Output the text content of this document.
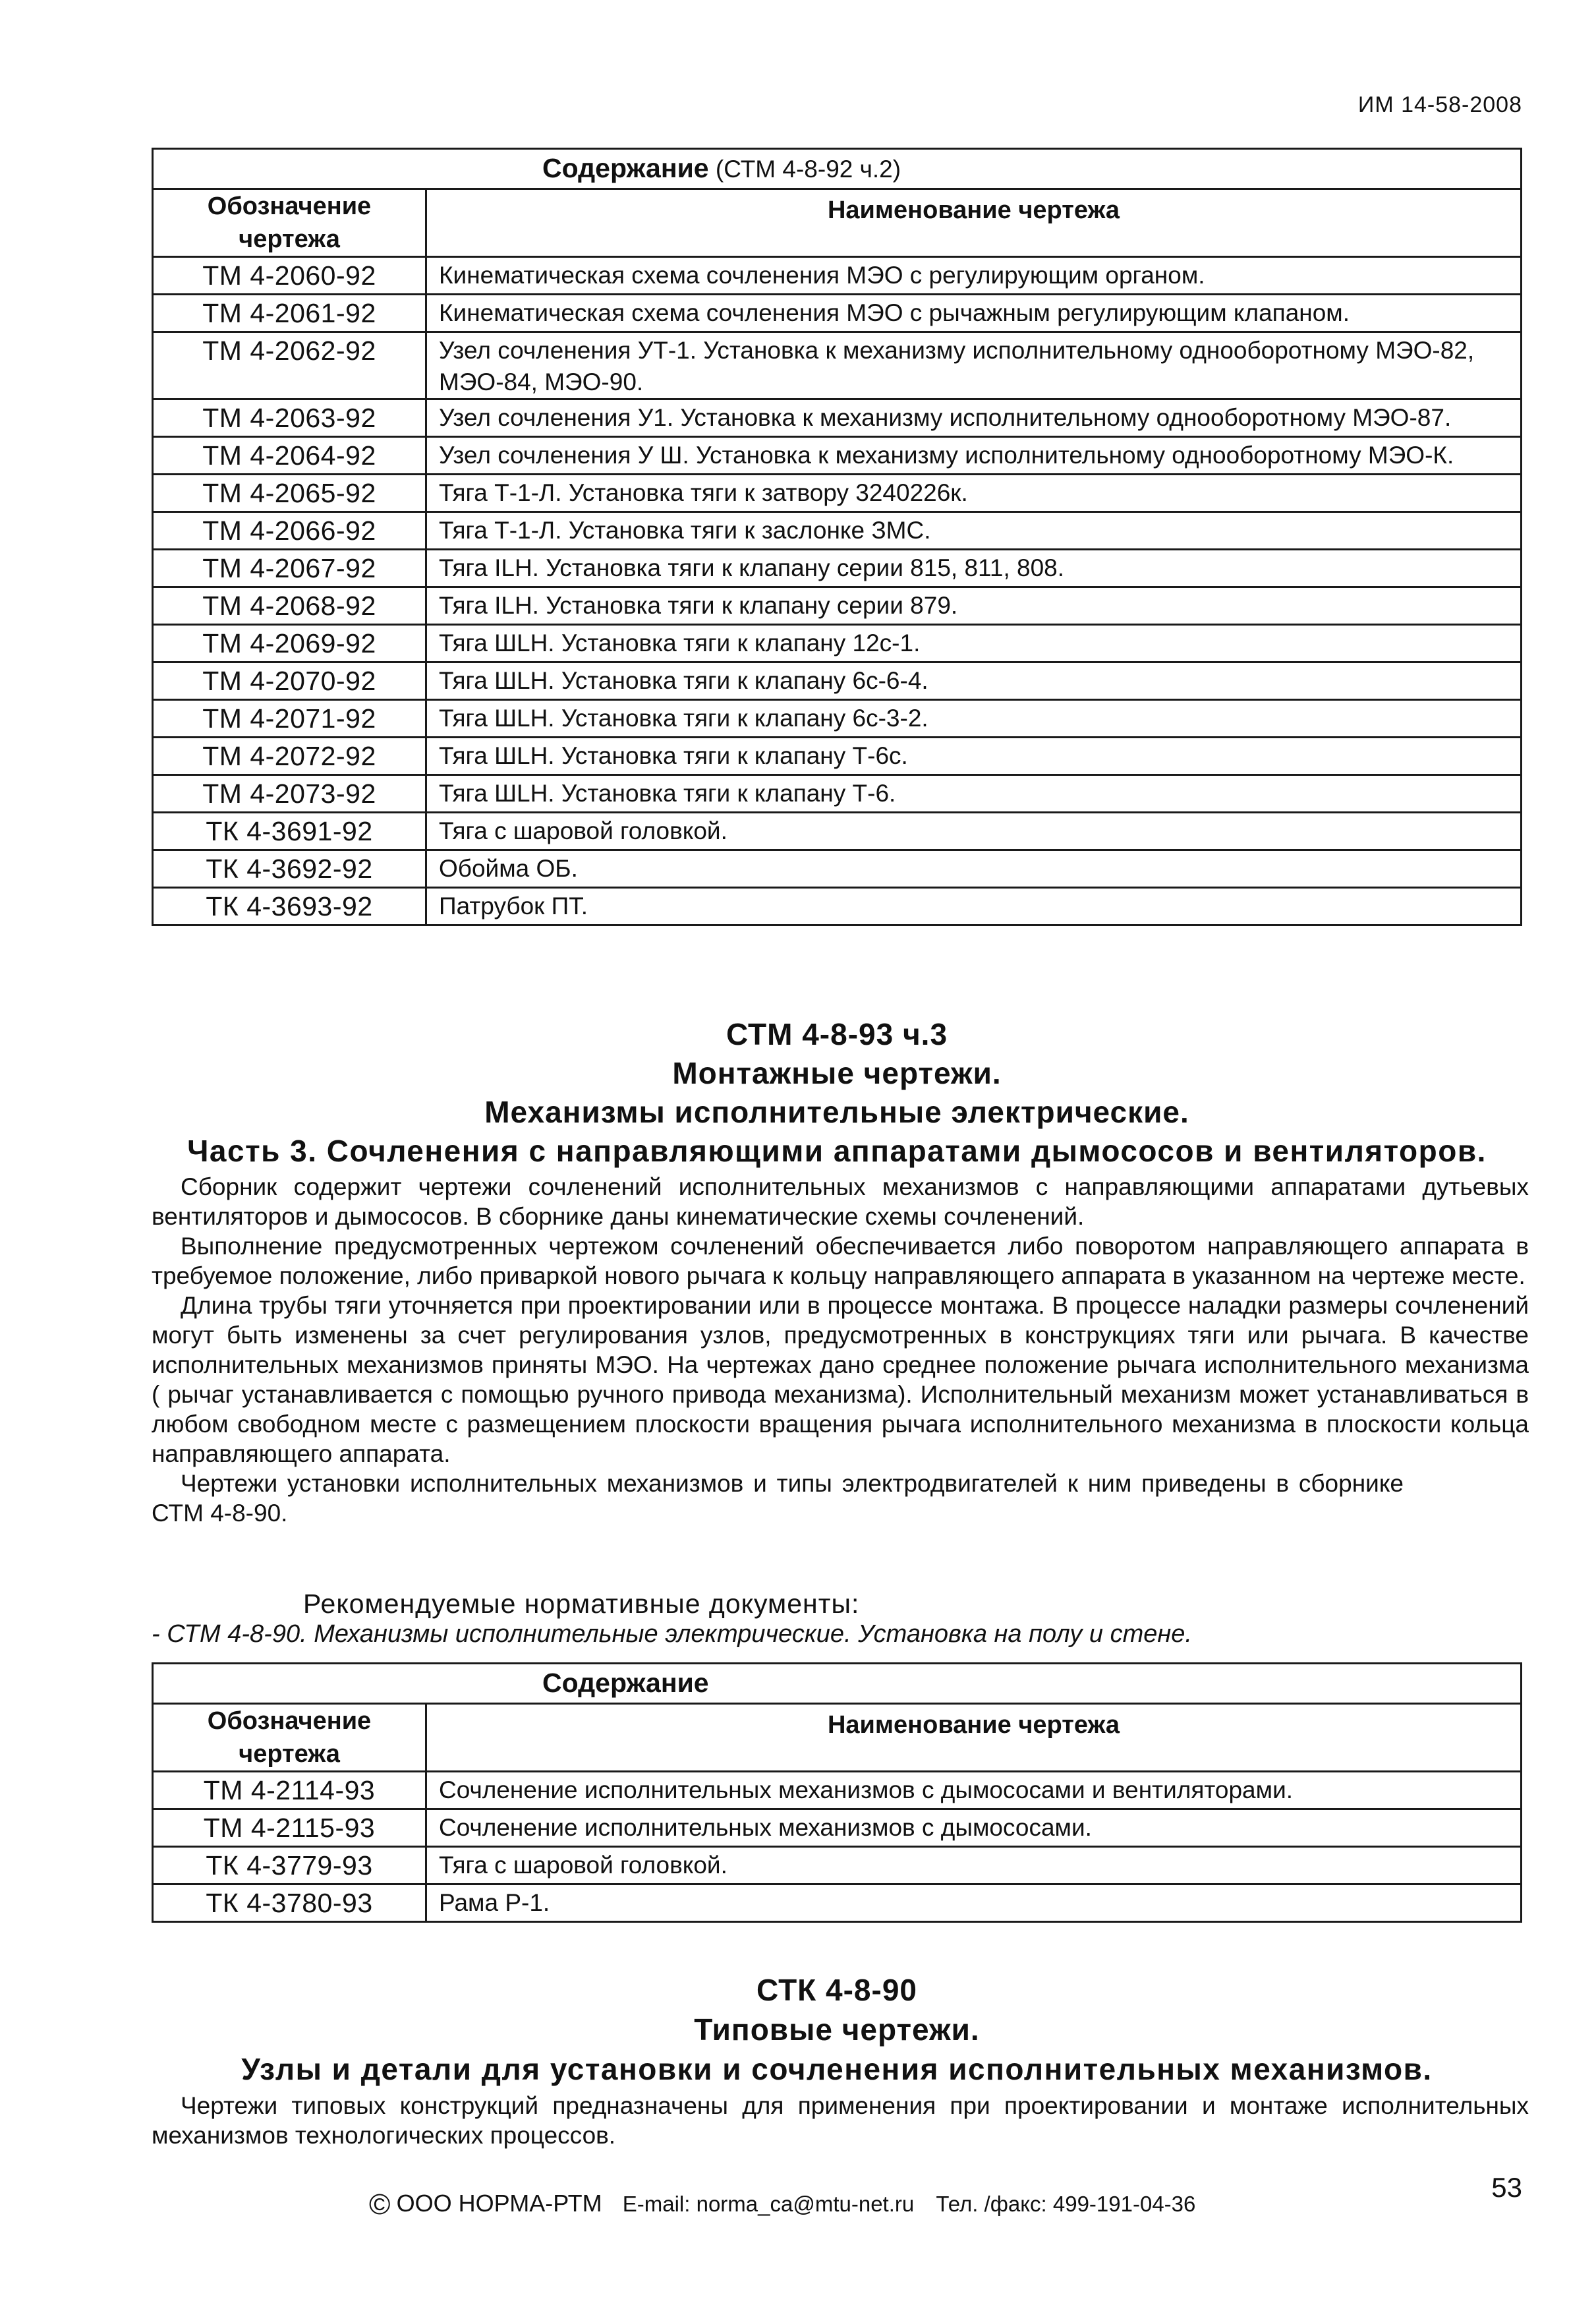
ИМ 14-58-2008
Содержание (СТМ 4-8-92 ч.2)	
Обозначение чертежа	Наименование чертежа
ТМ 4-2060-92	Кинематическая схема сочленения МЭО с регулирующим органом.
ТМ 4-2061-92	Кинематическая схема сочленения МЭО с рычажным регулирующим клапаном.
ТМ 4-2062-92	Узел сочленения УТ-1. Установка к механизму исполнительному однооборотному МЭО-82, МЭО-84, МЭО-90.
ТМ 4-2063-92	Узел сочленения У1. Установка к механизму исполнительному однооборотному МЭО-87.
ТМ 4-2064-92	Узел сочленения У Ш. Установка к механизму исполнительному однооборотному МЭО-К.
ТМ 4-2065-92	Тяга Т-1-Л. Установка тяги к затвору 3240226к.
ТМ 4-2066-92	Тяга Т-1-Л. Установка тяги к заслонке ЗМС.
ТМ 4-2067-92	Тяга ILH. Установка тяги к клапану серии 815, 811, 808.
ТМ 4-2068-92	Тяга ILH. Установка тяги к клапану серии 879.
ТМ 4-2069-92	Тяга ШLH. Установка тяги к клапану 12с-1.
ТМ 4-2070-92	Тяга ШLH. Установка тяги к клапану 6с-6-4.
ТМ 4-2071-92	Тяга ШLH. Установка тяги к клапану 6с-3-2.
ТМ 4-2072-92	Тяга ШLH. Установка тяги к клапану Т-6с.
ТМ 4-2073-92	Тяга ШLH. Установка тяги к клапану Т-6.
ТК 4-3691-92	Тяга с шаровой головкой.
ТК 4-3692-92	Обойма ОБ.
ТК 4-3693-92	Патрубок ПТ.
СТМ 4-8-93 ч.3
Монтажные чертежи.
Механизмы исполнительные электрические.
Часть 3. Сочленения с направляющими аппаратами дымососов и вентиляторов.

Сборник содержит чертежи сочленений исполнительных механизмов с направляющими аппаратами дутьевых вентиляторов и дымососов. В сборнике даны кинематические схемы сочленений.

Выполнение предусмотренных чертежом сочленений обеспечивается либо поворотом направляющего аппарата в требуемое положение, либо приваркой нового рычага к кольцу направляющего аппарата в указанном на чертеже месте.

Длина трубы тяги уточняется при проектировании или в процессе монтажа. В процессе наладки размеры сочленений могут быть изменены за счет регулирования узлов, предусмотренных в конструкциях тяги или рычага. В качестве исполнительных механизмов приняты МЭО. На чертежах дано среднее положение рычага исполнительного механизма ( рычаг устанавливается с помощью ручного привода механизма). Исполнительный механизм может устанавливаться в любом свободном месте с размещением плоскости вращения рычага исполнительного механизма в плоскости кольца направляющего аппарата.

Чертежи установки исполнительных механизмов и типы электродвигателей к ним приведены в сборнике СТМ 4-8-90.

Рекомендуемые нормативные документы:
- СТМ 4-8-90. Механизмы исполнительные электрические. Установка на полу и стене.
Содержание	
Обозначение чертежа	Наименование чертежа
ТМ 4-2114-93	Сочленение исполнительных механизмов с дымососами и вентиляторами.
ТМ 4-2115-93	Сочленение исполнительных механизмов с дымососами.
ТК 4-3779-93	Тяга с шаровой головкой.
ТК 4-3780-93	Рама Р-1.
СТК 4-8-90
Типовые чертежи.
Узлы и детали для установки и сочленения исполнительных механизмов.

Чертежи типовых конструкций предназначены для применения при проектировании и монтаже исполнительных механизмов технологических процессов.

© ООО НОРМА-РТМ E-mail: norma_ca@mtu-net.ru Тел. /факс: 499-191-04-36
53
